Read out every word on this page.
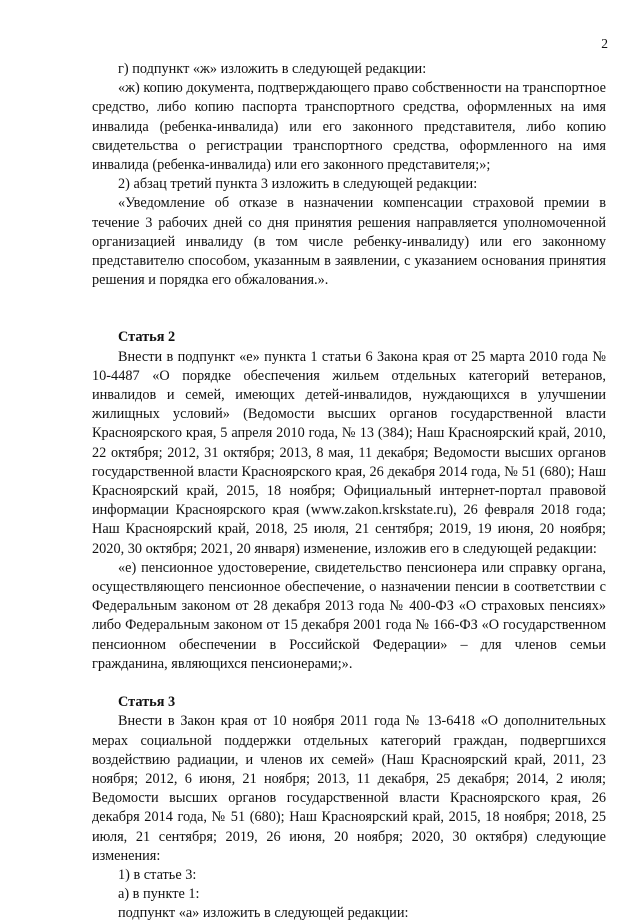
2

г) подпункт «ж» изложить в следующей редакции:

«ж) копию документа, подтверждающего право собственности на транспортное средство, либо копию паспорта транспортного средства, оформленных на имя инвалида (ребенка-инвалида) или его законного представителя, либо копию свидетельства о регистрации транспортного средства, оформленного на имя инвалида (ребенка-инвалида) или его законного представителя;»;

2) абзац третий пункта 3 изложить в следующей редакции:

«Уведомление об отказе в назначении компенсации страховой премии в течение 3 рабочих дней со дня принятия решения направляется уполномоченной организацией инвалиду (в том числе ребенку-инвалиду) или его законному представителю способом, указанным в заявлении, с указанием основания принятия решения и порядка его обжалования.».

Статья 2

Внести в подпункт «е» пункта 1 статьи 6 Закона края от 25 марта 2010 года № 10-4487 «О порядке обеспечения жильем отдельных категорий ветеранов, инвалидов и семей, имеющих детей-инвалидов, нуждающихся в улучшении жилищных условий» (Ведомости высших органов государственной власти Красноярского края, 5 апреля 2010 года, № 13 (384); Наш Красноярский край, 2010, 22 октября; 2012, 31 октября; 2013, 8 мая, 11 декабря; Ведомости высших органов государственной власти Красноярского края, 26 декабря 2014 года, № 51 (680); Наш Красноярский край, 2015, 18 ноября; Официальный интернет-портал правовой информации Красноярского края (www.zakon.krskstate.ru), 26 февраля 2018 года; Наш Красноярский край, 2018, 25 июля, 21 сентября; 2019, 19 июня, 20 ноября; 2020, 30 октября; 2021, 20 января) изменение, изложив его в следующей редакции:

«е) пенсионное удостоверение, свидетельство пенсионера или справку органа, осуществляющего пенсионное обеспечение, о назначении пенсии в соответствии с Федеральным законом от 28 декабря 2013 года № 400-ФЗ «О страховых пенсиях» либо Федеральным законом от 15 декабря 2001 года № 166-ФЗ «О государственном пенсионном обеспечении в Российской Федерации» – для членов семьи гражданина, являющихся пенсионерами;».

Статья 3

Внести в Закон края от 10 ноября 2011 года № 13-6418 «О дополнительных мерах социальной поддержки отдельных категорий граждан, подвергшихся воздействию радиации, и членов их семей» (Наш Красноярский край, 2011, 23 ноября; 2012, 6 июня, 21 ноября; 2013, 11 декабря, 25 декабря; 2014, 2 июля; Ведомости высших органов государственной власти Красноярского края, 26 декабря 2014 года, № 51 (680); Наш Красноярский край, 2015, 18 ноября; 2018, 25 июля, 21 сентября; 2019, 26 июня, 20 ноября; 2020, 30 октября) следующие изменения:

1) в статье 3:

а) в пункте 1:

подпункт «а» изложить в следующей редакции:
